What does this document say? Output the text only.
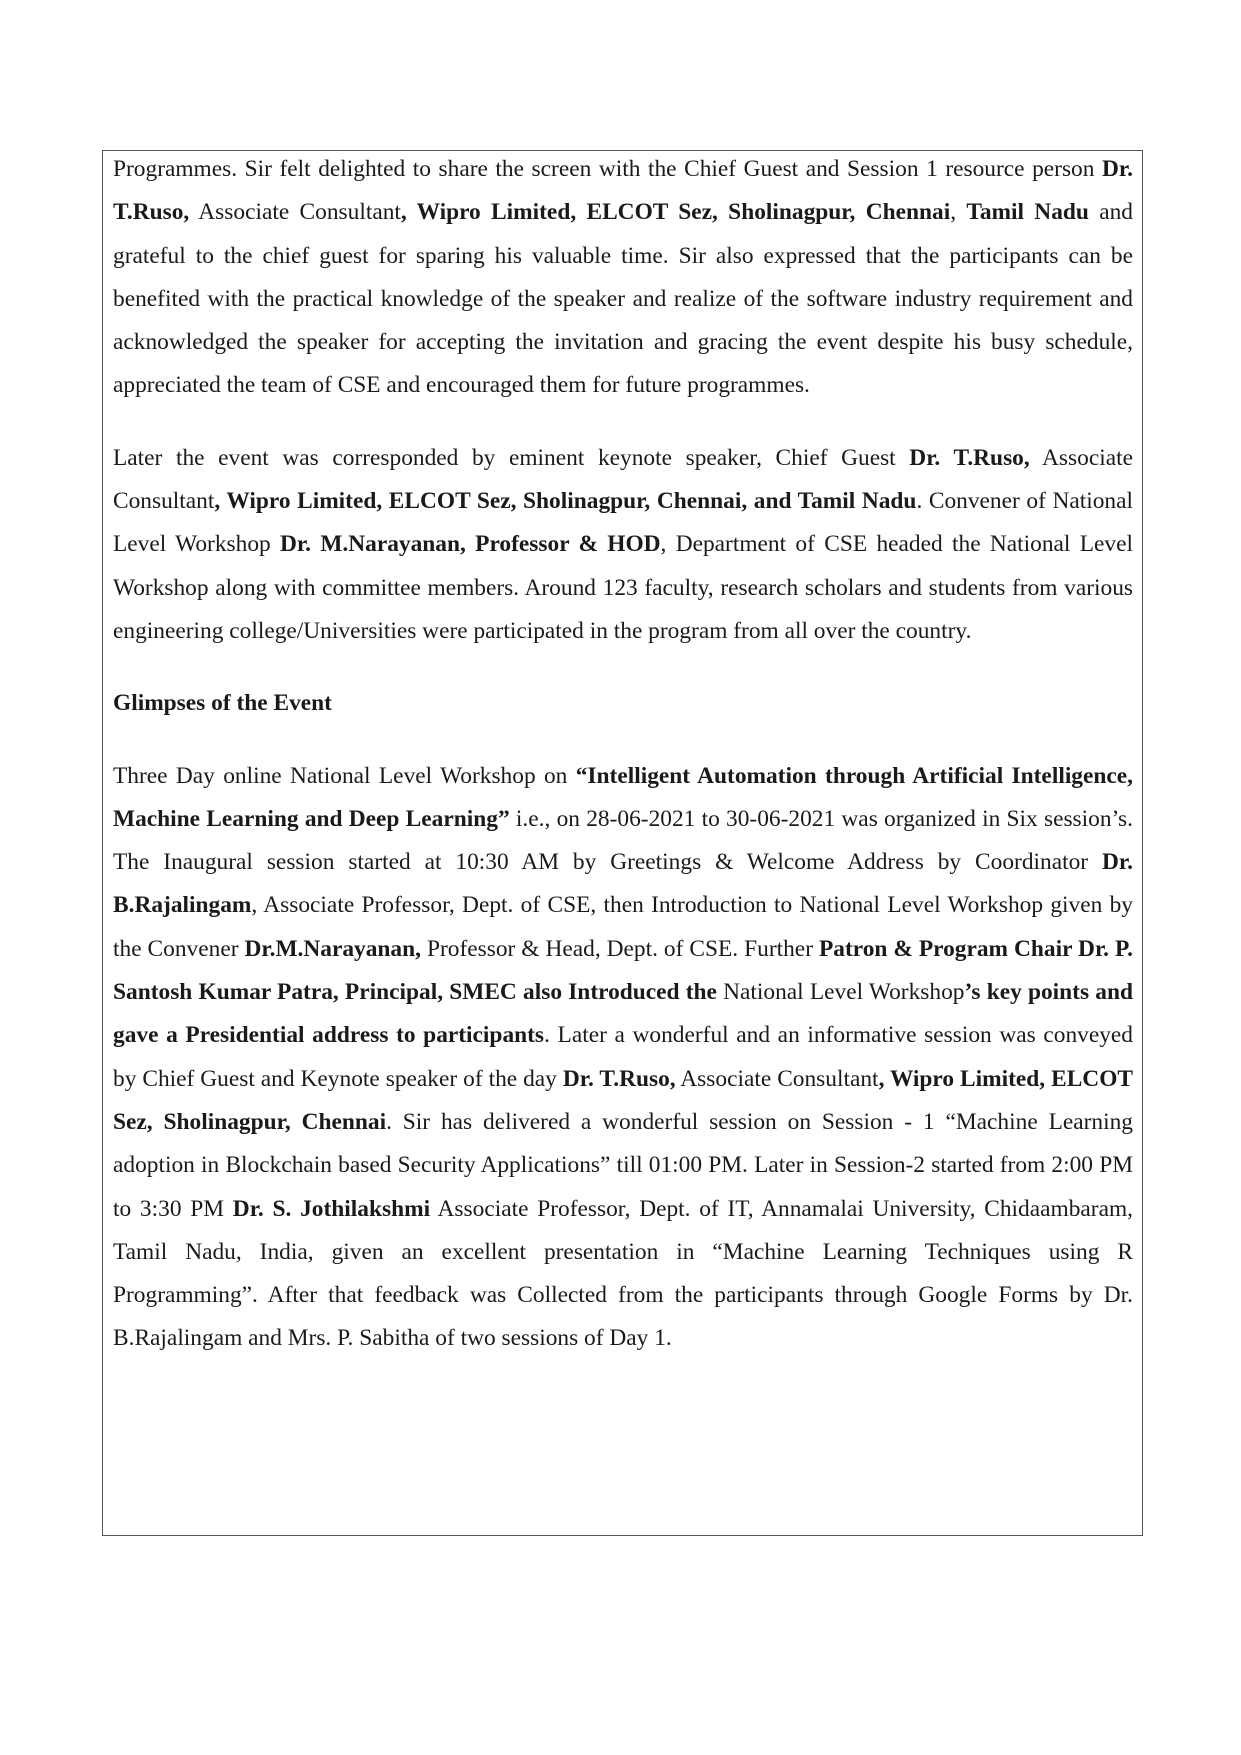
Programmes. Sir felt delighted to share the screen with the Chief Guest and Session 1 resource person Dr. T.Ruso, Associate Consultant, Wipro Limited, ELCOT Sez, Sholinagpur, Chennai, Tamil Nadu and grateful to the chief guest for sparing his valuable time. Sir also expressed that the participants can be benefited with the practical knowledge of the speaker and realize of the software industry requirement and acknowledged the speaker for accepting the invitation and gracing the event despite his busy schedule, appreciated the team of CSE and encouraged them for future programmes.

Later the event was corresponded by eminent keynote speaker, Chief Guest Dr. T.Ruso, Associate Consultant, Wipro Limited, ELCOT Sez, Sholinagpur, Chennai, and Tamil Nadu. Convener of National Level Workshop Dr. M.Narayanan, Professor & HOD, Department of CSE headed the National Level Workshop along with committee members. Around 123 faculty, research scholars and students from various engineering college/Universities were participated in the program from all over the country.

Glimpses of the Event

Three Day online National Level Workshop on “Intelligent Automation through Artificial Intelligence, Machine Learning and Deep Learning” i.e., on 28-06-2021 to 30-06-2021 was organized in Six session’s. The Inaugural session started at 10:30 AM by Greetings & Welcome Address by Coordinator Dr. B.Rajalingam, Associate Professor, Dept. of CSE, then Introduction to National Level Workshop given by the Convener Dr.M.Narayanan, Professor & Head, Dept. of CSE. Further Patron & Program Chair Dr. P. Santosh Kumar Patra, Principal, SMEC also Introduced the National Level Workshop’s key points and gave a Presidential address to participants. Later a wonderful and an informative session was conveyed by Chief Guest and Keynote speaker of the day Dr. T.Ruso, Associate Consultant, Wipro Limited, ELCOT Sez, Sholinagpur, Chennai. Sir has delivered a wonderful session on Session - 1 “Machine Learning adoption in Blockchain based Security Applications” till 01:00 PM. Later in Session-2 started from 2:00 PM to 3:30 PM Dr. S. Jothilakshmi Associate Professor, Dept. of IT, Annamalai University, Chidaambaram, Tamil Nadu, India, given an excellent presentation in “Machine Learning Techniques using R Programming”. After that feedback was Collected from the participants through Google Forms by Dr. B.Rajalingam and Mrs. P. Sabitha of two sessions of Day 1.
